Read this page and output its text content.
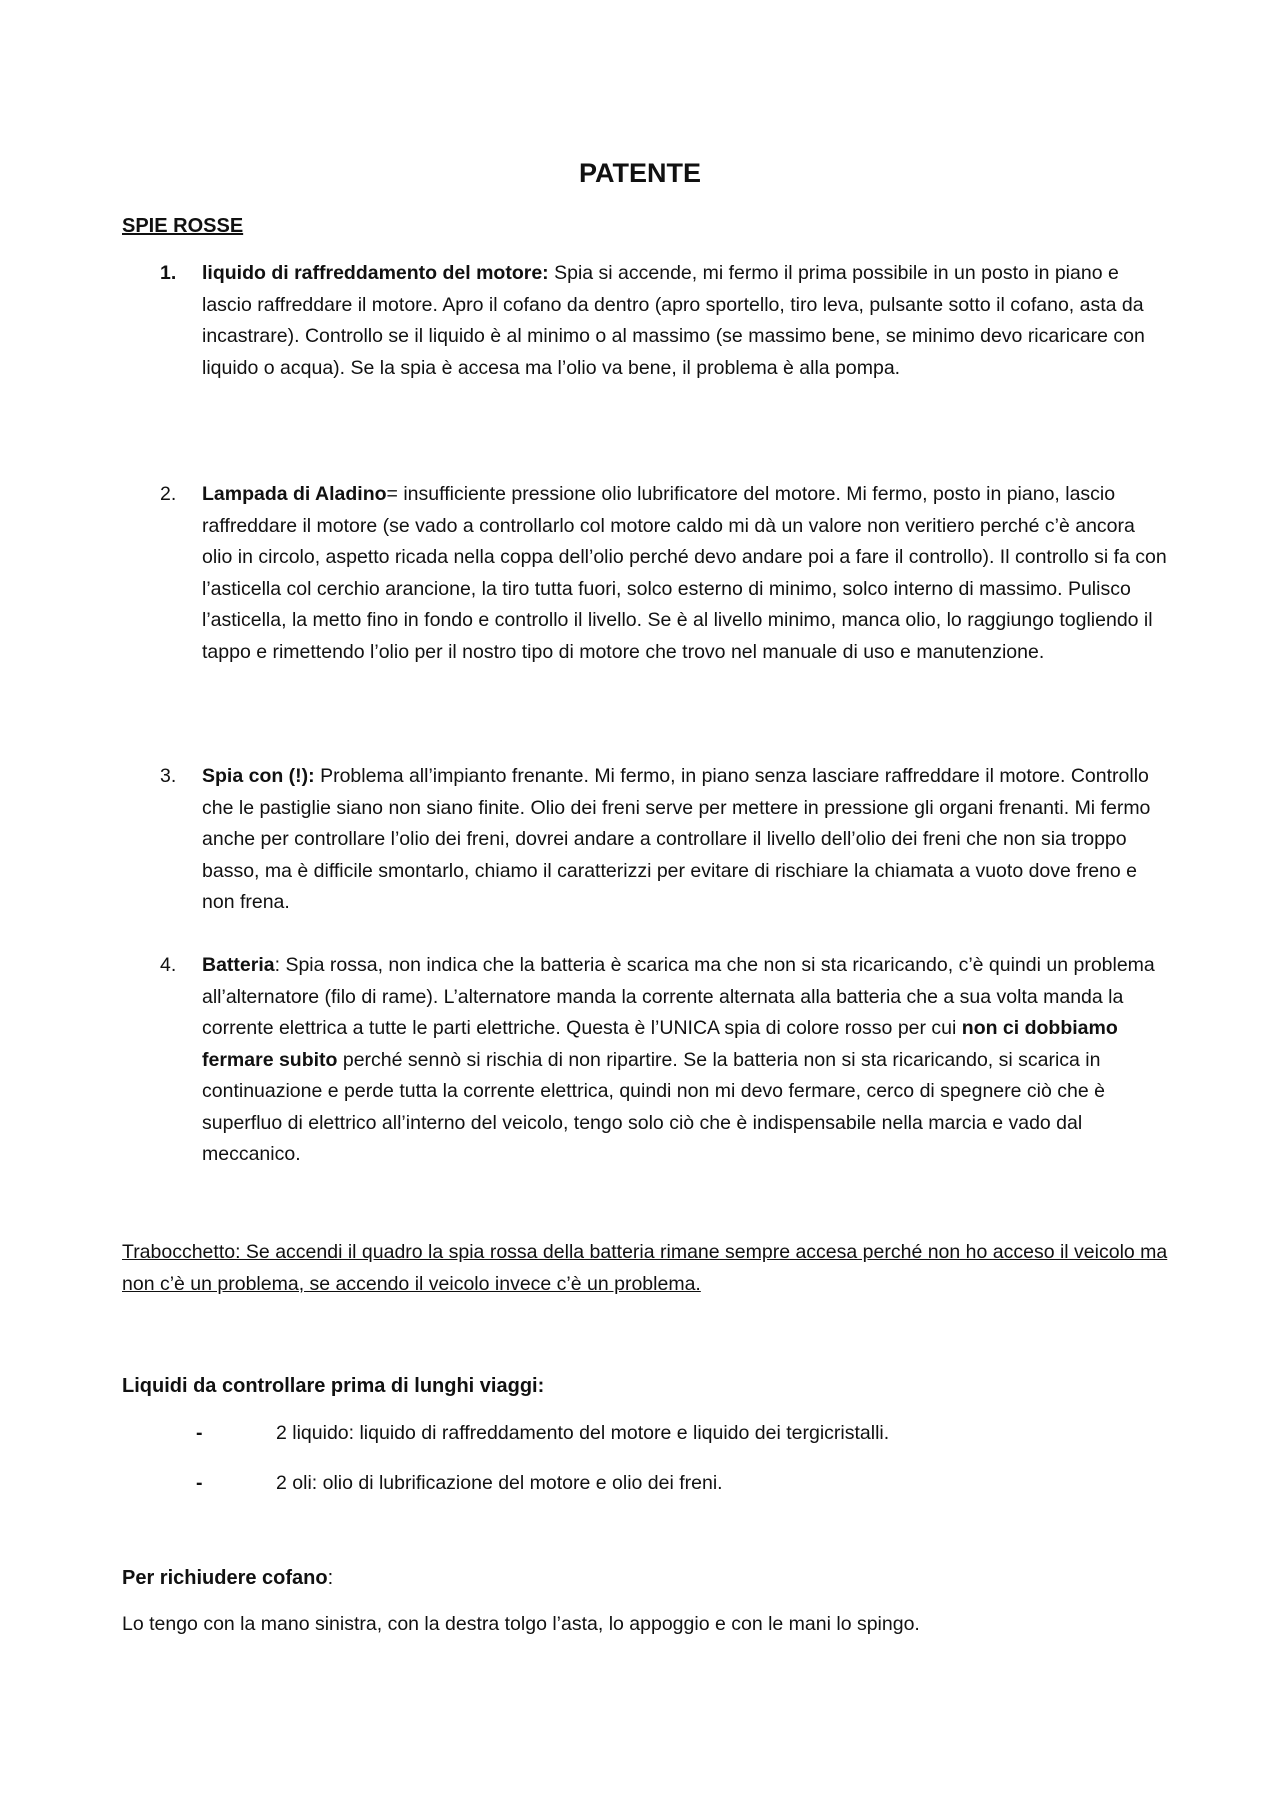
PATENTE
SPIE ROSSE
1.	liquido di raffreddamento del motore: Spia si accende, mi fermo il prima possibile in un posto in piano e lascio raffreddare il motore. Apro il cofano da dentro (apro sportello, tiro leva, pulsante sotto il cofano, asta da incastrare). Controllo se il liquido è al minimo o al massimo (se massimo bene, se minimo devo ricaricare con liquido o acqua). Se la spia è accesa ma l’olio va bene, il problema è alla pompa.
2.	Lampada di Aladino= insufficiente pressione olio lubrificatore del motore. Mi fermo, posto in piano, lascio raffreddare il motore (se vado a controllarlo col motore caldo mi dà un valore non veritiero perché c’è ancora olio in circolo, aspetto ricada nella coppa dell’olio perché devo andare poi a fare il controllo). Il controllo si fa con l’asticella col cerchio arancione, la tiro tutta fuori, solco esterno di minimo, solco interno di massimo. Pulisco l’asticella, la metto fino in fondo e controllo il livello. Se è al livello minimo, manca olio, lo raggiungo togliendo il tappo e rimettendo l’olio per il nostro tipo di motore che trovo nel manuale di uso e manutenzione.
3.	Spia con (!): Problema all’impianto frenante. Mi fermo, in piano senza lasciare raffreddare il motore. Controllo che le pastiglie siano non siano finite. Olio dei freni serve per mettere in pressione gli organi frenanti. Mi fermo anche per controllare l’olio dei freni, dovrei andare a controllare il livello dell’olio dei freni che non sia troppo basso, ma è difficile smontarlo, chiamo il caratterizzi per evitare di rischiare la chiamata a vuoto dove freno e non frena.
4.	Batteria: Spia rossa, non indica che la batteria è scarica ma che non si sta ricaricando, c’è quindi un problema all’alternatore (filo di rame). L’alternatore manda la corrente alternata alla batteria che a sua volta manda la corrente elettrica a tutte le parti elettriche. Questa è l’UNICA spia di colore rosso per cui non ci dobbiamo fermare subito perché sennò si rischia di non ripartire. Se la batteria non si sta ricaricando, si scarica in continuazione e perde tutta la corrente elettrica, quindi non mi devo fermare, cerco di spegnere ciò che è superfluo di elettrico all’interno del veicolo, tengo solo ciò che è indispensabile nella marcia e vado dal meccanico.
Trabocchetto: Se accendi il quadro la spia rossa della batteria rimane sempre accesa perché non ho acceso il veicolo ma non c’è un problema, se accendo il veicolo invece c’è un problema.
Liquidi da controllare prima di lunghi viaggi:
-	2 liquido: liquido di raffreddamento del motore e liquido dei tergicristalli.
-	2 oli: olio di lubrificazione del motore e olio dei freni.
Per richiudere cofano:
Lo tengo con la mano sinistra, con la destra tolgo l’asta, lo appoggio e con le mani lo spingo.
